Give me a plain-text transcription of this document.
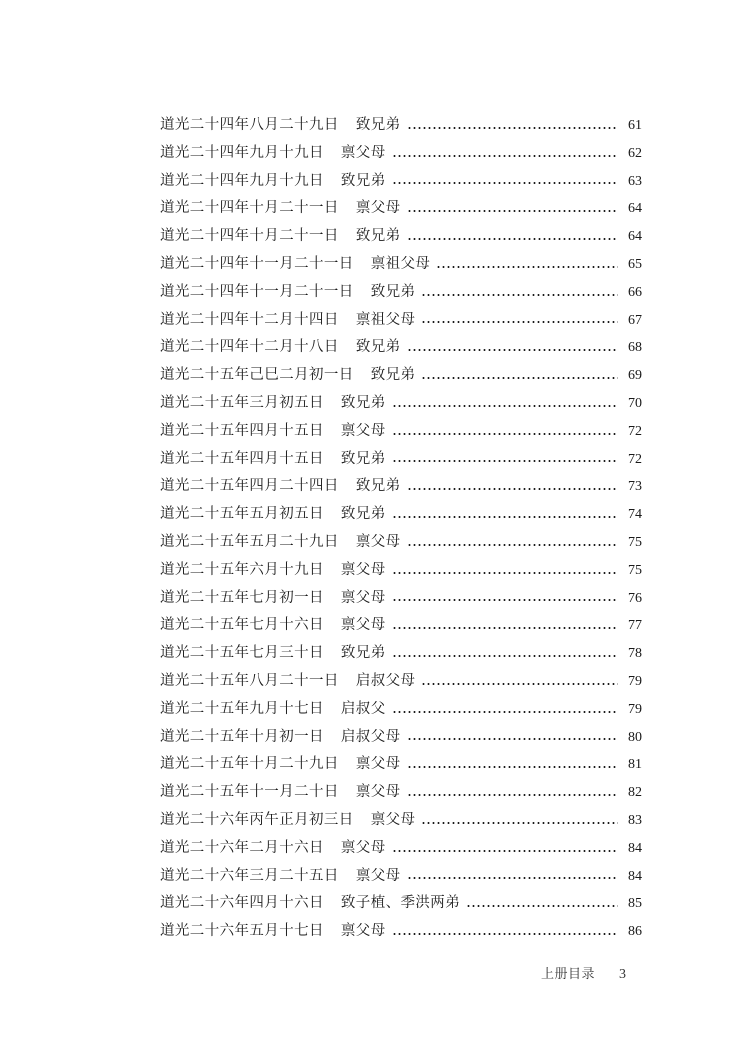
道光二十四年八月二十九日 致兄弟	61
道光二十四年九月十九日 禀父母	62
道光二十四年九月十九日 致兄弟	63
道光二十四年十月二十一日 禀父母	64
道光二十四年十月二十一日 致兄弟	64
道光二十四年十一月二十一日 禀祖父母	65
道光二十四年十一月二十一日 致兄弟	66
道光二十四年十二月十四日 禀祖父母	67
道光二十四年十二月十八日 致兄弟	68
道光二十五年己巳二月初一日 致兄弟	69
道光二十五年三月初五日 致兄弟	70
道光二十五年四月十五日 禀父母	72
道光二十五年四月十五日 致兄弟	72
道光二十五年四月二十四日 致兄弟	73
道光二十五年五月初五日 致兄弟	74
道光二十五年五月二十九日 禀父母	75
道光二十五年六月十九日 禀父母	75
道光二十五年七月初一日 禀父母	76
道光二十五年七月十六日 禀父母	77
道光二十五年七月三十日 致兄弟	78
道光二十五年八月二十一日 启叔父母	79
道光二十五年九月十七日 启叔父	79
道光二十五年十月初一日 启叔父母	80
道光二十五年十月二十九日 禀父母	81
道光二十五年十一月二十日 禀父母	82
道光二十六年丙午正月初三日 禀父母	83
道光二十六年二月十六日 禀父母	84
道光二十六年三月二十五日 禀父母	84
道光二十六年四月十六日 致子植、季洪两弟	85
道光二十六年五月十七日 禀父母	86
上册目录 3
